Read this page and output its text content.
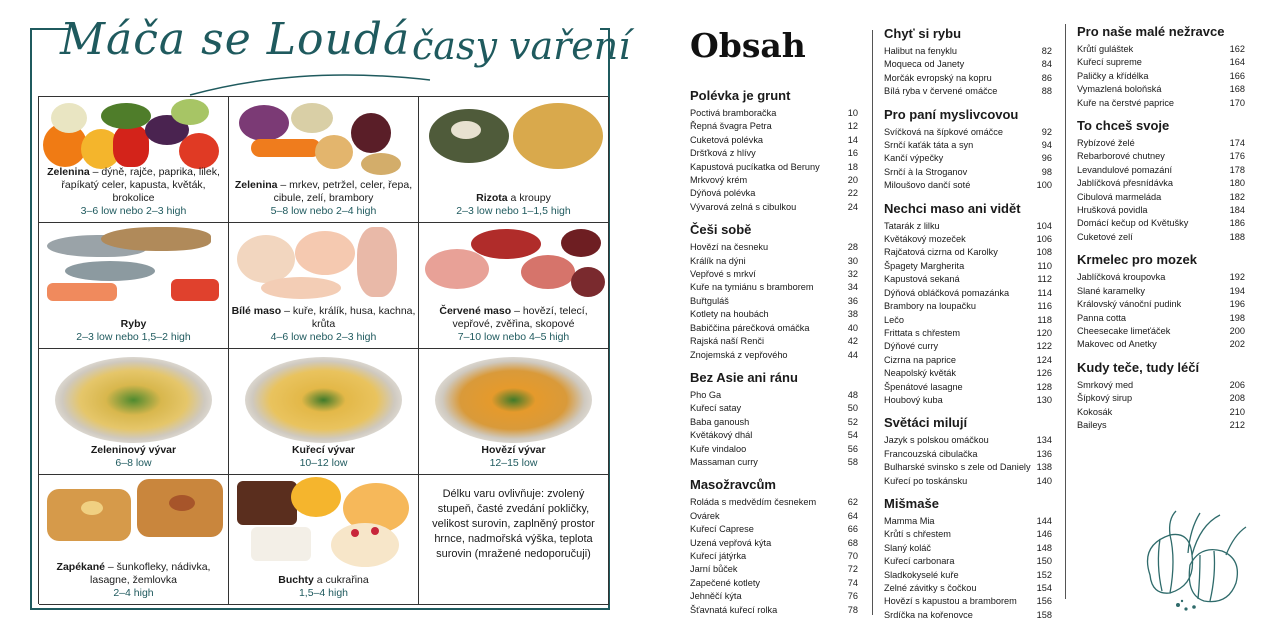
Máča se Loudá časy vaření
Zelenina – dýně, rajče, paprika, lilek, řapíkatý celer, kapusta, květák, brokolice
3–6 low nebo 2–3 high
Zelenina – mrkev, petržel, celer, řepa, cibule, zelí, brambory
5–8 low nebo 2–4 high
Rizota a kroupy
2–3 low nebo 1–1,5 high
Ryby
2–3 low nebo 1,5–2 high
Bílé maso – kuře, králík, husa, kachna, krůta
4–6 low nebo 2–3 high
Červené maso – hovězí, telecí, vepřové, zvěřina, skopové
7–10 low nebo 4–5 high
Zeleninový vývar
6–8 low
Kuřecí vývar
10–12 low
Hovězí vývar
12–15 low
Zapékané – šunkofleky, nádivka, lasagne, žemlovka
2–4 high
Buchty a cukrařina
1,5–4 high
Délku varu ovlivňuje: zvolený stupeň, časté zvedání pokličky, velikost surovin, zaplněný prostor hrnce, nadmořská výška, teplota surovin (mražené nedoporučuji)
Obsah
Polévka je grunt
Poctivá bramboračka	10
Řepná švagra Petra	12
Cuketová polévka	14
Dršťková z hlívy	16
Kapustová pucíkatka od Beruny	18
Mrkvový krém	20
Dýňová polévka	22
Vývarová zelná s cibulkou	24
Češi sobě
Hovězí na česneku	28
Králík na dýni	30
Vepřové s mrkví	32
Kuře na tymiánu s bramborem	34
Buřtguláš	36
Kotlety na houbách	38
Babiččina párečková omáčka	40
Rajská naší Renči	42
Znojemská z vepřového	44
Bez Asie ani ránu
Pho Ga	48
Kuřecí satay	50
Baba ganoush	52
Květákový dhál	54
Kuře vindaloo	56
Massaman curry	58
Masožravcům
Roláda s medvědím česnekem	62
Ovárek	64
Kuřecí Caprese	66
Uzená vepřová kýta	68
Kuřecí játýrka	70
Jarní bůček	72
Zapečené kotlety	74
Jehněčí kýta	76
Šťavnatá kuřecí rolka	78
Chyť si rybu
Halibut na fenyklu	82
Moqueca od Janety	84
Morčák evropský na kopru	86
Bílá ryba v červené omáčce	88
Pro paní myslivcovou
Svíčková na šípkové omáčce	92
Srnčí kaťák táta a syn	94
Kančí výpečky	96
Srnčí à la Stroganov	98
Miloušovo dančí soté	100
Nechci maso ani vidět
Tatarák z lilku	104
Květákový mozeček	106
Rajčatová cizrna od Karolky	108
Špagety Margherita	110
Kapustová sekaná	112
Dýňová obláčková pomazánka	114
Brambory na loupačku	116
Lečo	118
Frittata s chřestem	120
Dýňové curry	122
Cizrna na paprice	124
Neapolský květák	126
Špenátové lasagne	128
Houbový kuba	130
Světáci milují
Jazyk s polskou omáčkou	134
Francouzská cibulačka	136
Bulharské svinsko s zele od Daniely 138
Kuřecí po toskánsku	140
Mišmaše
Mamma Mia	144
Krůtí s chřestem	146
Slaný koláč	148
Kuřecí carbonara	150
Sladkokyselé kuře	152
Zelné závitky s čočkou	154
Hovězí s kapustou a bramborem	156
Srdíčka na kořenovce	158
Pro naše malé nežravce
Krůtí guláštek	162
Kuřecí supreme	164
Paličky a křídélka	166
Vymazlená boloňská	168
Kuře na čerstvé paprice	170
To chceš svoje
Rybízové želé	174
Rebarborové chutney	176
Levandulové pomazání	178
Jablíčková přesnídávka	180
Cibulová marmeláda	182
Hrušková povidla	184
Domácí kečup od Květušky	186
Cuketové zelí	188
Krmelec pro mozek
Jablíčková kroupovka	192
Slané karamelky	194
Královský vánoční pudink	196
Panna cotta	198
Cheesecake limeťáček	200
Makovec od Anetky	202
Kudy teče, tudy léčí
Smrkový med	206
Šípkový sirup	208
Kokosák	210
Baileys	212
